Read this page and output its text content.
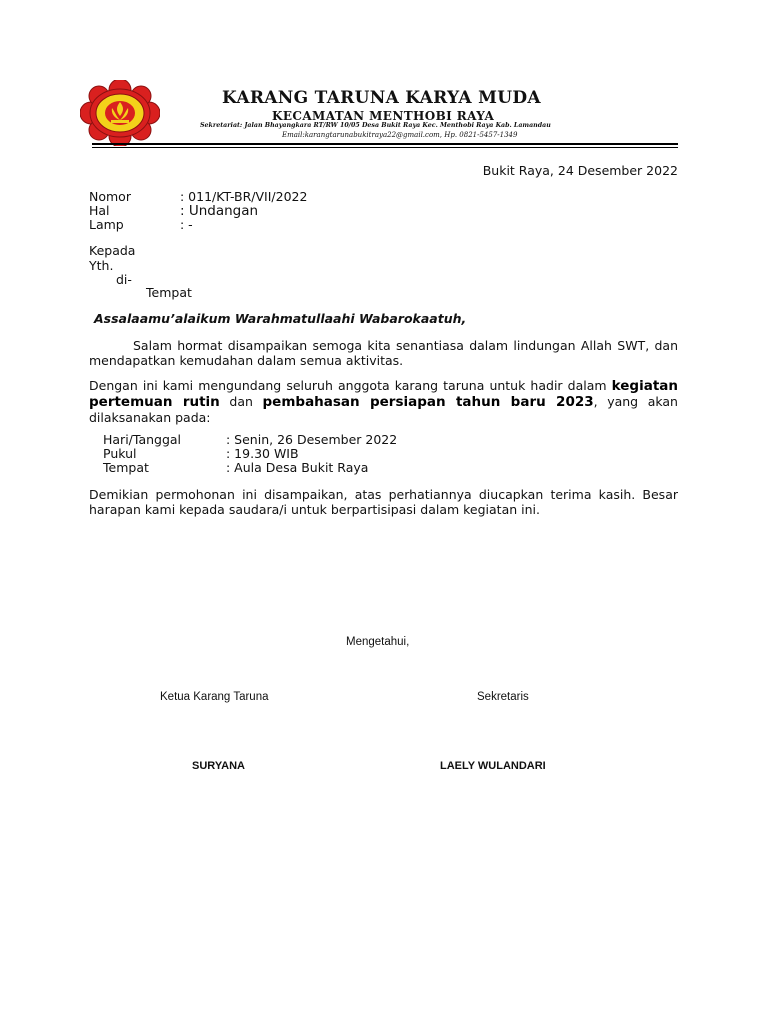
KARANG TARUNA KARYA MUDA
KECAMATAN MENTHOBI RAYA
Sekretariat: Jalan Bhayangkara RT/RW 10/05 Desa Bukit Raya Kec. Menthobi Raya Kab. Lamandau
Email:karangtarunabukitraya22@gmail.com, Hp. 0821-5457-1349
Bukit Raya, 24 Desember 2022
Nomor	: 011/KT-BR/VII/2022
Hal	: Undangan
Lamp	: -
Kepada
Yth.
di-
Tempat
Assalaamu’alaikum Warahmatullaahi Wabarokaatuh,
Salam hormat disampaikan semoga kita senantiasa dalam lindungan Allah SWT, dan mendapatkan kemudahan dalam semua aktivitas.
Dengan ini kami mengundang seluruh anggota karang taruna untuk hadir dalam kegiatan pertemuan rutin dan pembahasan persiapan tahun baru 2023, yang akan dilaksanakan pada:
Hari/Tanggal	: Senin, 26 Desember 2022
Pukul	: 19.30 WIB
Tempat	: Aula Desa Bukit Raya
Demikian permohonan ini disampaikan, atas perhatiannya diucapkan terima kasih. Besar harapan kami kepada saudara/i untuk berpartisipasi dalam kegiatan ini.
Mengetahui,
Ketua Karang Taruna	Sekretaris
SURYANA	LAELY WULANDARI
